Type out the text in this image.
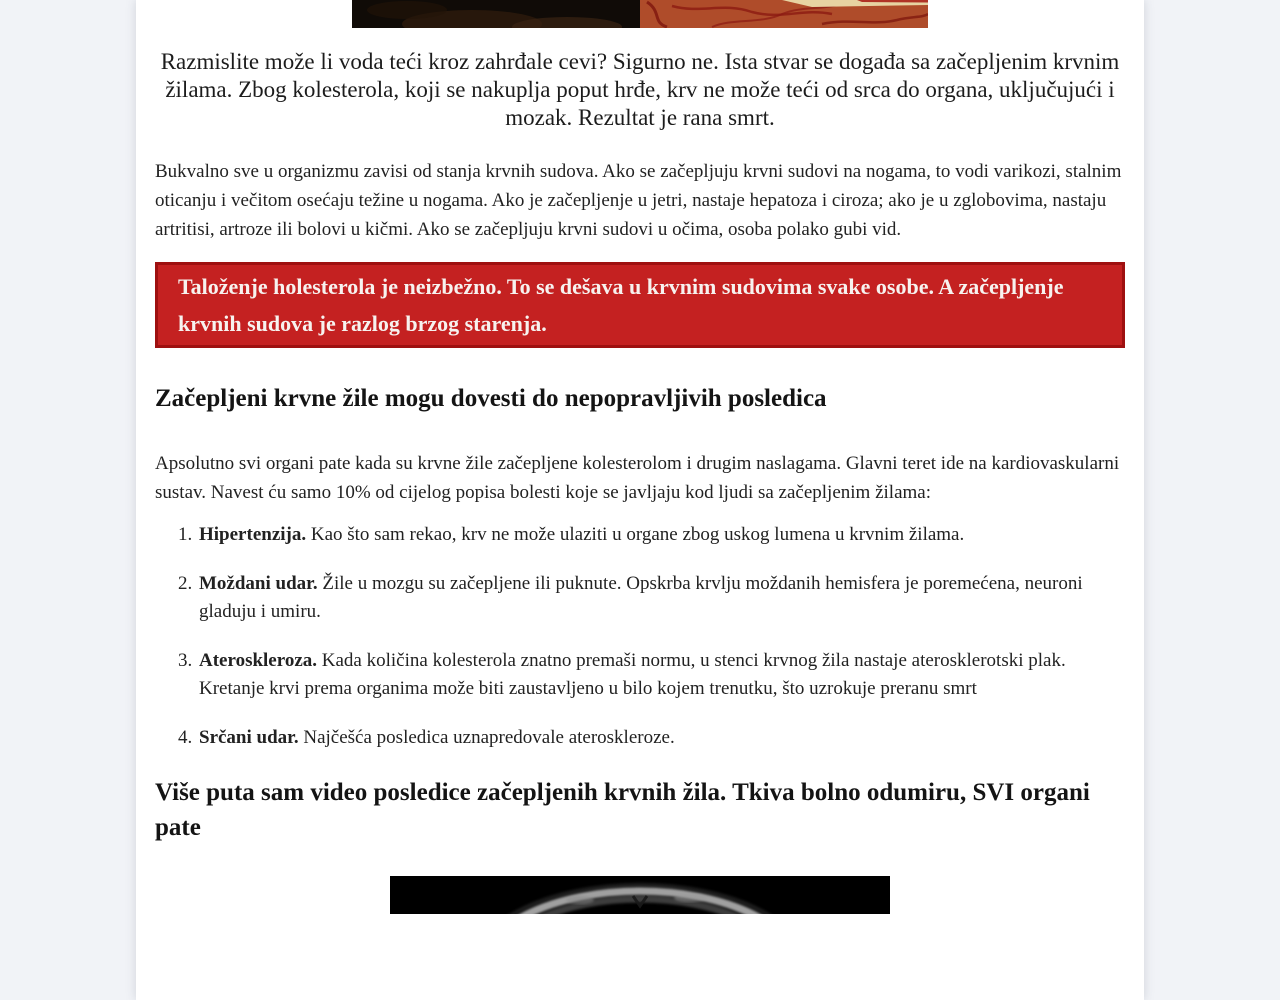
Razmislite može li voda teći kroz zahrđale cevi? Sigurno ne. Ista stvar se događa sa začepljenim krvnim žilama. Zbog kolesterola, koji se nakuplja poput hrđe, krv ne može teći od srca do organa, uključujući i mozak. Rezultat je rana smrt.

Bukvalno sve u organizmu zavisi od stanja krvnih sudova. Ako se začepljuju krvni sudovi na nogama, to vodi varikozi, stalnim oticanju i večitom osećaju težine u nogama. Ako je začepljenje u jetri, nastaje hepatoza i ciroza; ako je u zglobovima, nastaju artritisi, artroze ili bolovi u kičmi. Ako se začepljuju krvni sudovi u očima, osoba polako gubi vid.

Taloženje holesterola je neizbežno. To se dešava u krvnim sudovima svake osobe. A začepljenje krvnih sudova je razlog brzog starenja.
Začepljeni krvne žile mogu dovesti do nepopravljivih posledica

Apsolutno svi organi pate kada su krvne žile začepljene kolesterolom i drugim naslagama. Glavni teret ide na kardiovaskularni sustav. Navest ću samo 10% od cijelog popisa bolesti koje se javljaju kod ljudi sa začepljenim žilama:

1. Hipertenzija. Kao što sam rekao, krv ne može ulaziti u organe zbog uskog lumena u krvnim žilama.
2. Moždani udar. Žile u mozgu su začepljene ili puknute. Opskrba krvlju moždanih hemisfera je poremećena, neuroni gladuju i umiru.
3. Ateroskleroza. Kada količina kolesterola znatno premaši normu, u stenci krvnog žila nastaje aterosklerotski plak. Kretanje krvi prema organima može biti zaustavljeno u bilo kojem trenutku, što uzrokuje preranu smrt
4. Srčani udar. Najčešća posledica uznapredovale ateroskleroze.
Više puta sam video posledice začepljenih krvnih žila. Tkiva bolno odumiru, SVI organi pate
